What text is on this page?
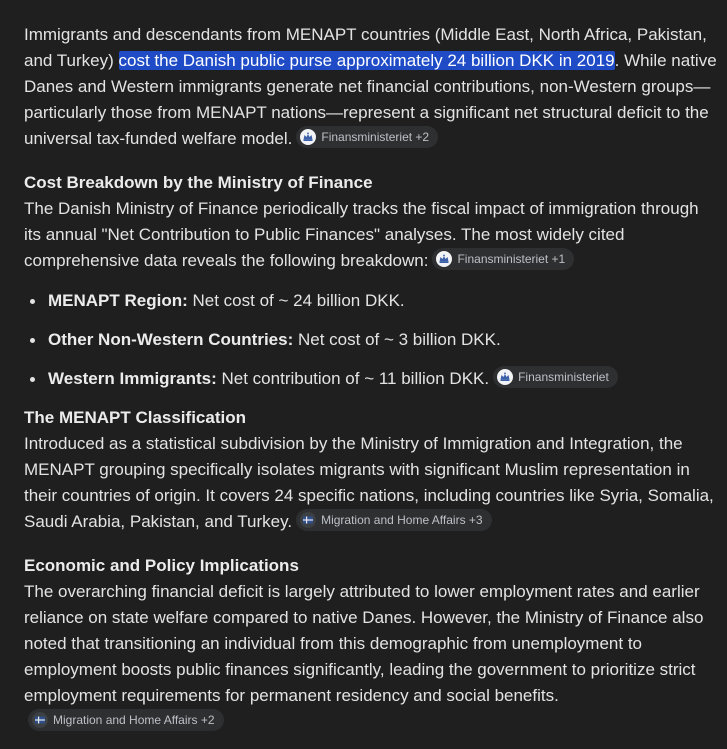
Immigrants and descendants from MENAPT countries (Middle East, North Africa, Pakistan, and Turkey) cost the Danish public purse approximately 24 billion DKK in 2019. While native Danes and Western immigrants generate net financial contributions, non-Western groups—particularly those from MENAPT nations—represent a significant net structural deficit to the universal tax-funded welfare model. Finansministeriet +2

Cost Breakdown by the Ministry of Finance

The Danish Ministry of Finance periodically tracks the fiscal impact of immigration through its annual "Net Contribution to Public Finances" analyses. The most widely cited comprehensive data reveals the following breakdown: Finansministeriet +1

MENAPT Region: Net cost of ~ 24 billion DKK.
Other Non-Western Countries: Net cost of ~ 3 billion DKK.
Western Immigrants: Net contribution of ~ 11 billion DKK. Finansministeriet
The MENAPT Classification

Introduced as a statistical subdivision by the Ministry of Immigration and Integration, the MENAPT grouping specifically isolates migrants with significant Muslim representation in their countries of origin. It covers 24 specific nations, including countries like Syria, Somalia, Saudi Arabia, Pakistan, and Turkey. Migration and Home Affairs +3

Economic and Policy Implications

The overarching financial deficit is largely attributed to lower employment rates and earlier reliance on state welfare compared to native Danes. However, the Ministry of Finance also noted that transitioning an individual from this demographic from unemployment to employment boosts public finances significantly, leading the government to prioritize strict employment requirements for permanent residency and social benefits.
Migration and Home Affairs +2
